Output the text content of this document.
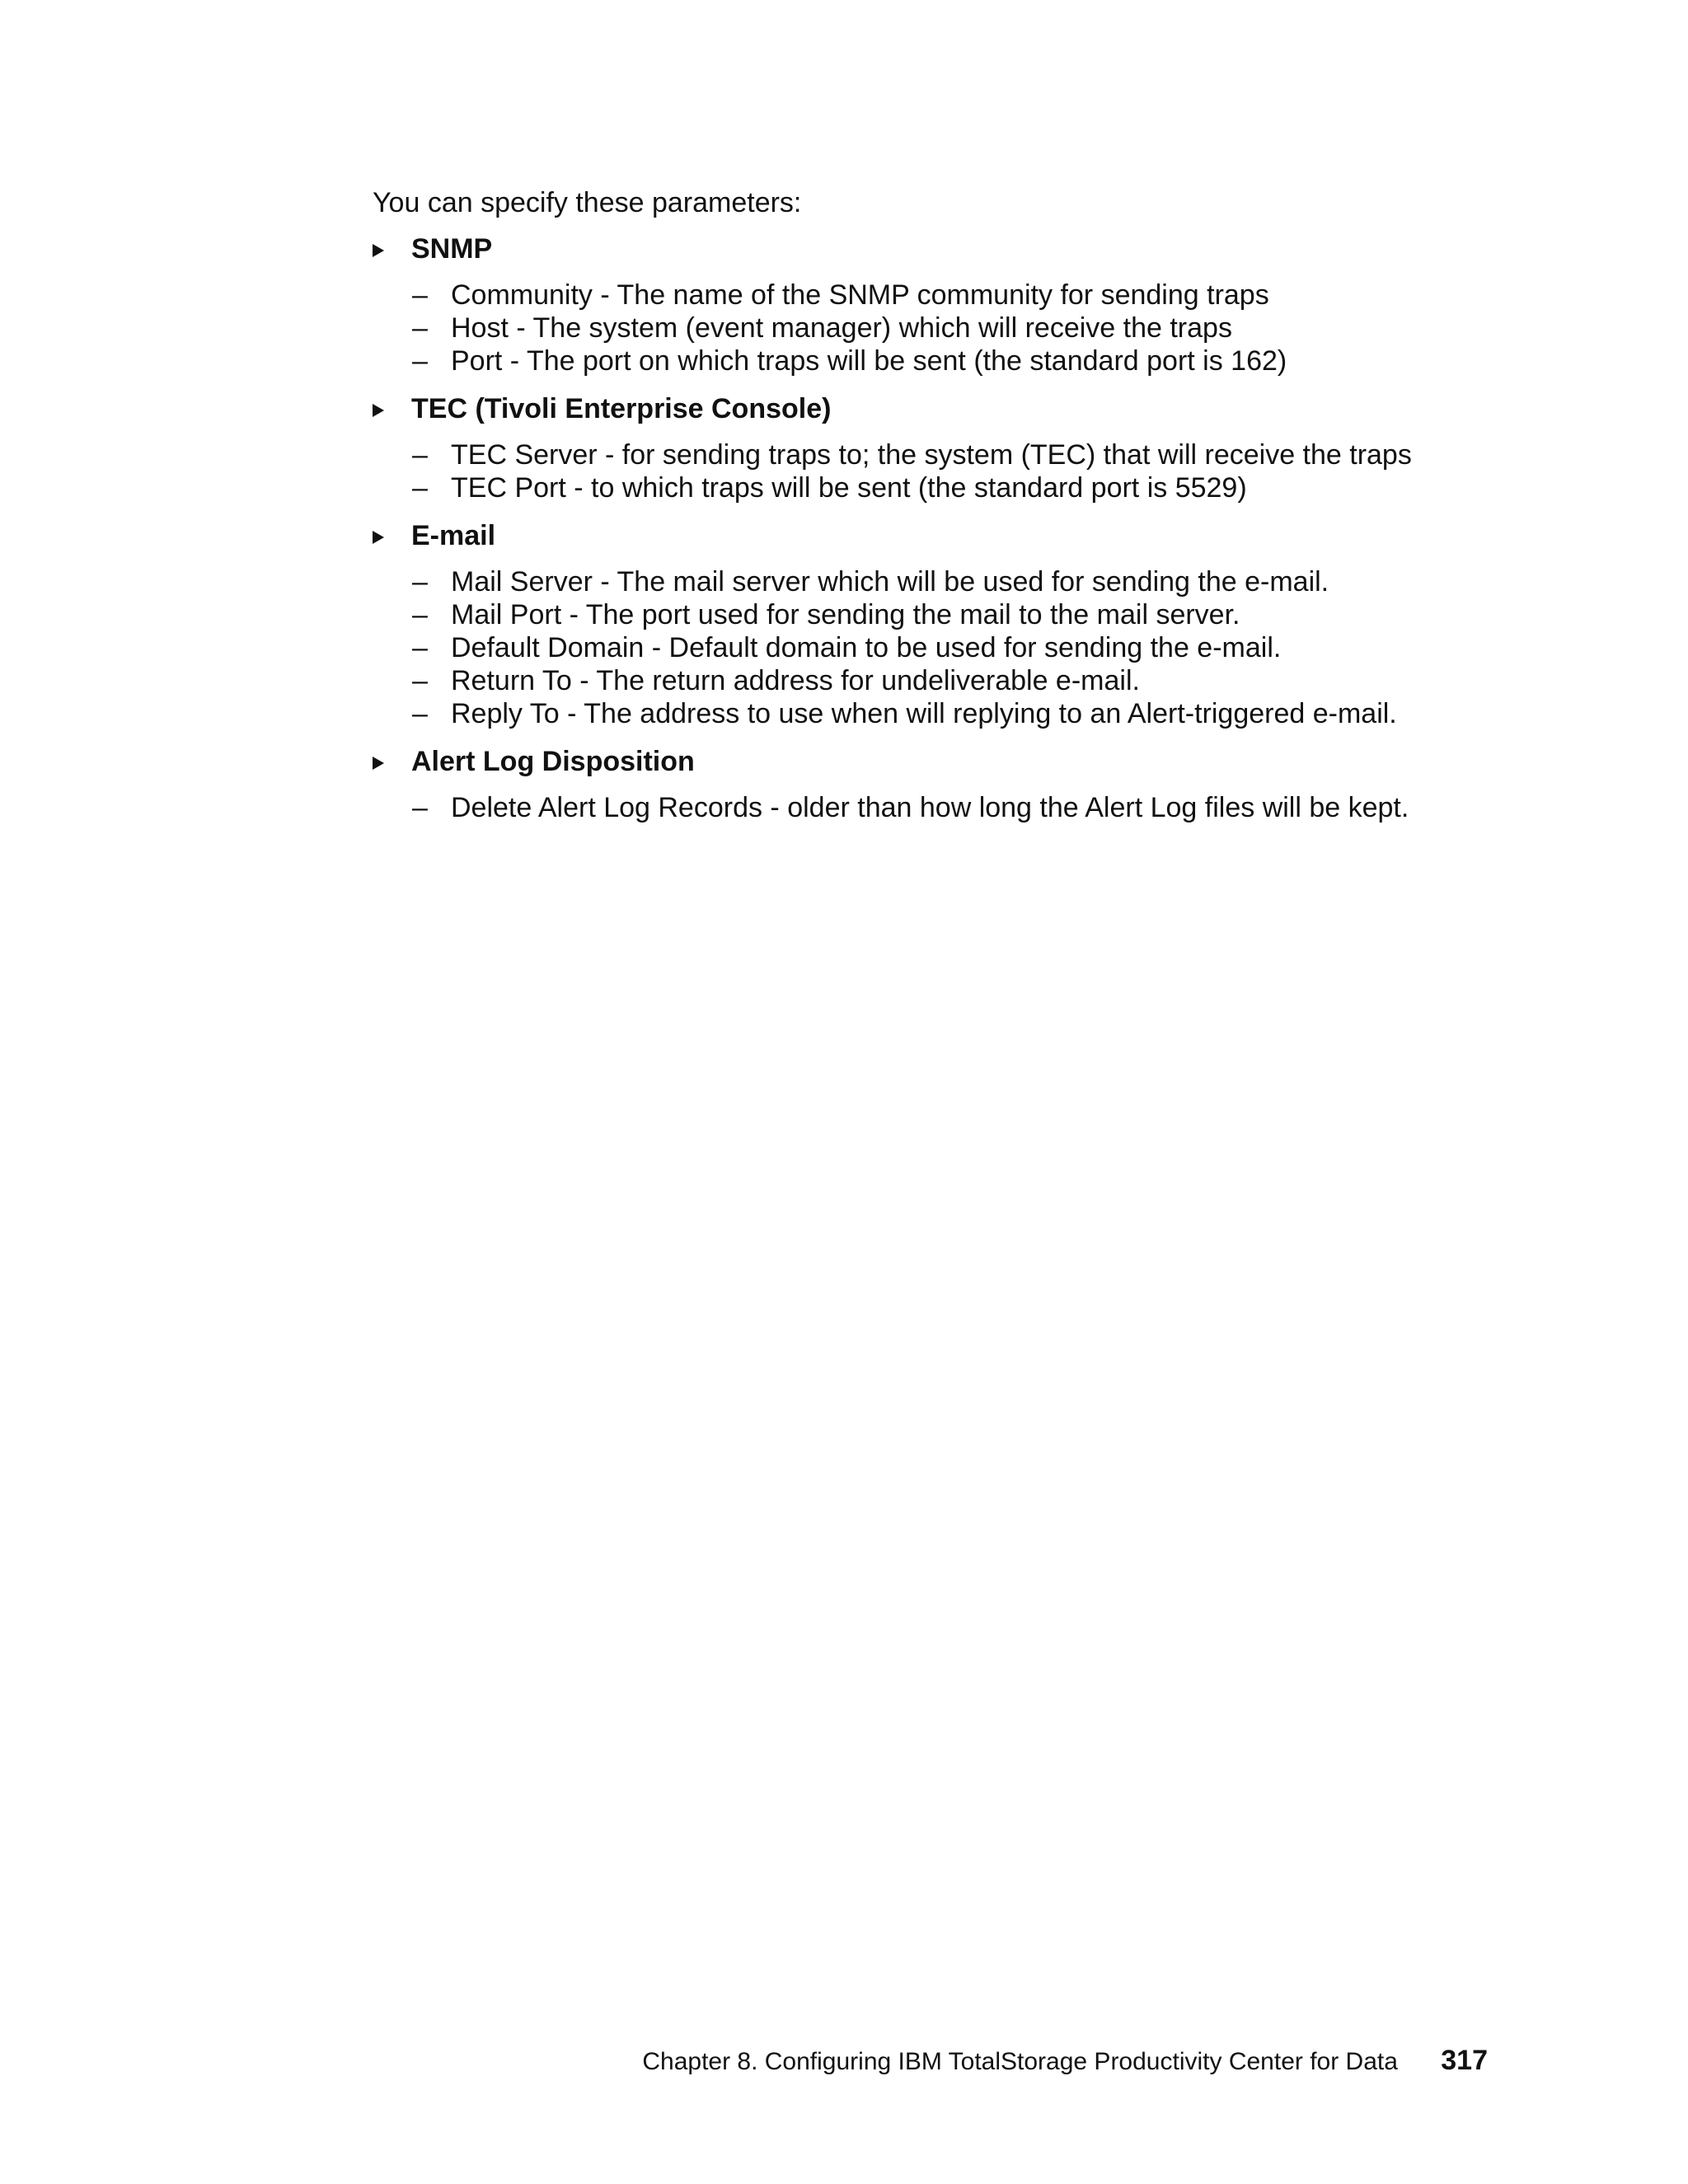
You can specify these parameters:

SNMP
– Community - The name of the SNMP community for sending traps
– Host - The system (event manager) which will receive the traps
– Port - The port on which traps will be sent (the standard port is 162)
TEC (Tivoli Enterprise Console)
– TEC Server - for sending traps to; the system (TEC) that will receive the traps
– TEC Port - to which traps will be sent (the standard port is 5529)
E-mail
– Mail Server - The mail server which will be used for sending the e-mail.
– Mail Port - The port used for sending the mail to the mail server.
– Default Domain - Default domain to be used for sending the e-mail.
– Return To - The return address for undeliverable e-mail.
– Reply To - The address to use when will replying to an Alert-triggered e-mail.
Alert Log Disposition
– Delete Alert Log Records - older than how long the Alert Log files will be kept.
Chapter 8. Configuring IBM TotalStorage Productivity Center for Data 317
